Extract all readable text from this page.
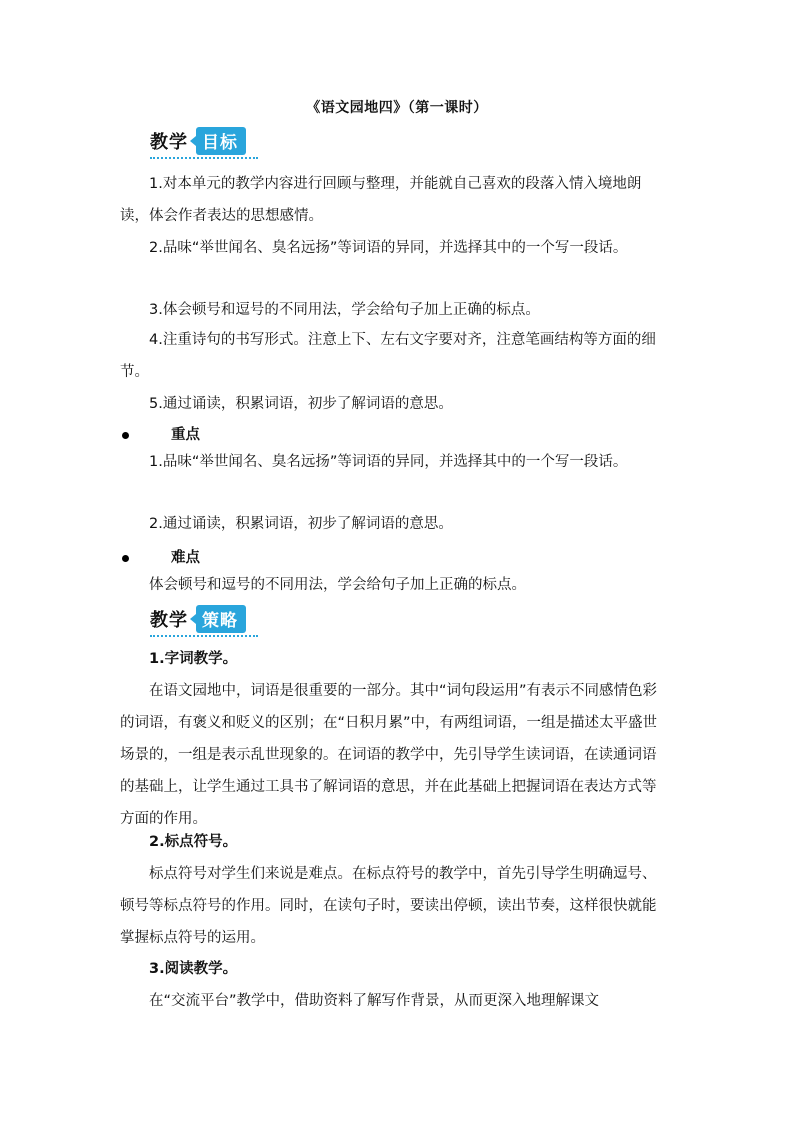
《语文园地四》（第一课时）
教学 目标
1.对本单元的教学内容进行回顾与整理，并能就自己喜欢的段落入情入境地朗读，体会作者表达的思想感情。
2.品味“举世闻名、臭名远扬”等词语的异同，并选择其中的一个写一段话。
3.体会顿号和逗号的不同用法，学会给句子加上正确的标点。
4.注重诗句的书写形式。注意上下、左右文字要对齐，注意笔画结构等方面的细节。
5.通过诵读，积累词语，初步了解词语的意思。
重点
1.品味“举世闻名、臭名远扬”等词语的异同，并选择其中的一个写一段话。
2.通过诵读，积累词语，初步了解词语的意思。
难点
体会顿号和逗号的不同用法，学会给句子加上正确的标点。
教学 策略
1.字词教学。
在语文园地中，词语是很重要的一部分。其中“词句段运用”有表示不同感情色彩的词语，有褒义和贬义的区别；在“日积月累”中，有两组词语，一组是描述太平盛世场景的，一组是表示乱世现象的。在词语的教学中，先引导学生读词语，在读通词语的基础上，让学生通过工具书了解词语的意思，并在此基础上把握词语在表达方式等方面的作用。
2.标点符号。
标点符号对学生们来说是难点。在标点符号的教学中，首先引导学生明确逗号、顿号等标点符号的作用。同时，在读句子时，要读出停顿，读出节奏，这样很快就能掌握标点符号的运用。
3.阅读教学。
在“交流平台”教学中，借助资料了解写作背景，从而更深入地理解课文
